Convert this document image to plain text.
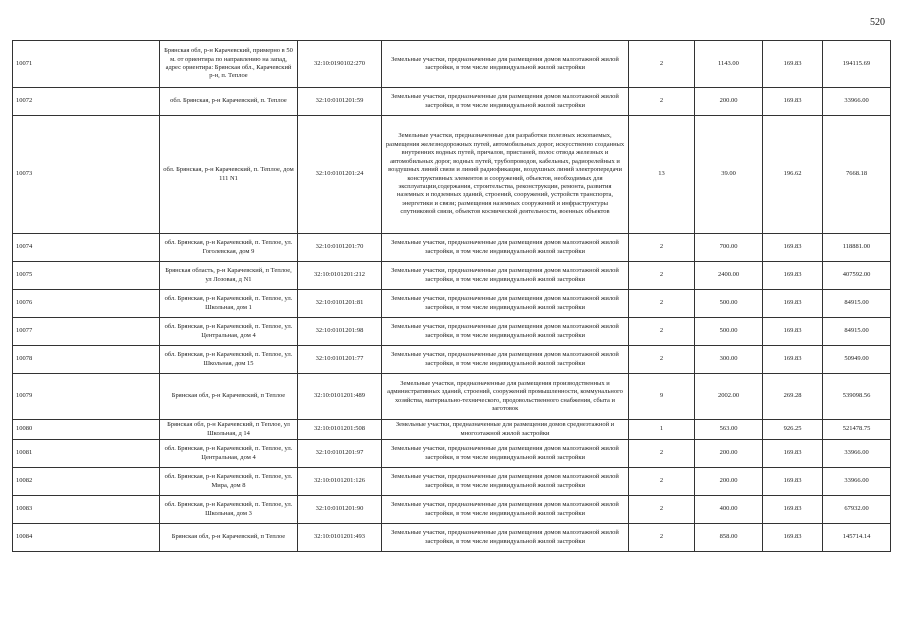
520
10071	Брянская обл, р-н Карачевский, примерно в 50 м. от ориентира по направлению на запад, адрес ориентира: Брянская обл., Карачевский р-н, п. Теплое	32:10:0190102:270	Земельные участки, предназначенные для размещения домов малоэтажной жилой застройки, в том числе индивидуальной жилой застройки	2	1143.00	169.83	194115.69
10072	обл. Брянская, р-н Карачевский, п. Теплое	32:10:0101201:59	Земельные участки, предназначенные для размещения домов малоэтажной жилой застройки, в том числе индивидуальной жилой застройки	2	200.00	169.83	33966.00
10073	обл. Брянская, р-н Карачевский, п. Теплое, дом 111 N1	32:10:0101201:24	Земельные участки, предназначенные для разработки полезных ископаемых, размещения железнодорожных путей, автомобильных дорог, искусственно созданных внутренних водных путей, причалов, пристаней, полос отвода железных и автомобильных дорог, водных путей, трубопроводов, кабельных, радиорелейных и воздушных линий связи и линий радиофикации, воздушных линий электропередачи конструктивных элементов и сооружений, объектов, необходимых для эксплуатации,содержания, строительства, реконструкции, ремонта, развития наземных и подземных зданий, строений, сооружений, устройств транспорта, энергетики и связи; размещения наземных сооружений и инфраструктуры спутниковой связи, объектов космической деятельности, военных объектов	13	39.00	196.62	7668.18
10074	обл. Брянская, р-н Карачевский, п. Теплое, ул. Гоголевская, дом 9	32:10:0101201:70	Земельные участки, предназначенные для размещения домов малоэтажной жилой застройки, в том числе индивидуальной жилой застройки	2	700.00	169.83	118881.00
10075	Брянская область, р-н Карачевский, п Теплое, ул Лозовая, д N1	32:10:0101201:212	Земельные участки, предназначенные для размещения домов малоэтажной жилой застройки, в том числе индивидуальной жилой застройки	2	2400.00	169.83	407592.00
10076	обл. Брянская, р-н Карачевский, п. Теплое, ул. Школьная, дом 1	32:10:0101201:81	Земельные участки, предназначенные для размещения домов малоэтажной жилой застройки, в том числе индивидуальной жилой застройки	2	500.00	169.83	84915.00
10077	обл. Брянская, р-н Карачевский, п. Теплое, ул. Центральная, дом 4	32:10:0101201:98	Земельные участки, предназначенные для размещения домов малоэтажной жилой застройки, в том числе индивидуальной жилой застройки	2	500.00	169.83	84915.00
10078	обл. Брянская, р-н Карачевский, п. Теплое, ул. Школьная, дом 15	32:10:0101201:77	Земельные участки, предназначенные для размещения домов малоэтажной жилой застройки, в том числе индивидуальной жилой застройки	2	300.00	169.83	50949.00
10079	Брянская обл, р-н Карачевский, п Теплое	32:10:0101201:489	Земельные участки, предназначенные для размещения производственных и административных зданий, строений, сооружений промышленности, коммунального хозяйства, материально-технического, продовольственного снабжения, сбыта и заготовок	9	2002.00	269.28	539098.56
10080	Брянская обл, р-н Карачевский, п Теплое, ул Школьная, д 14	32:10:0101201:508	Земельные участки, предназначенные для размещения домов среднеэтажной и многоэтажной жилой застройки	1	563.00	926.25	521478.75
10081	обл. Брянская, р-н Карачевский, п. Теплое, ул. Центральная, дом 4	32:10:0101201:97	Земельные участки, предназначенные для размещения домов малоэтажной жилой застройки, в том числе индивидуальной жилой застройки	2	200.00	169.83	33966.00
10082	обл. Брянская, р-н Карачевский, п. Теплое, ул. Мира, дом 8	32:10:0101201:126	Земельные участки, предназначенные для размещения домов малоэтажной жилой застройки, в том числе индивидуальной жилой застройки	2	200.00	169.83	33966.00
10083	обл. Брянская, р-н Карачевский, п. Теплое, ул. Школьная, дом 3	32:10:0101201:90	Земельные участки, предназначенные для размещения домов малоэтажной жилой застройки, в том числе индивидуальной жилой застройки	2	400.00	169.83	67932.00
10084	Брянская обл, р-н Карачевский, п Теплое	32:10:0101201:493	Земельные участки, предназначенные для размещения домов малоэтажной жилой застройки, в том числе индивидуальной жилой застройки	2	858.00	169.83	145714.14
